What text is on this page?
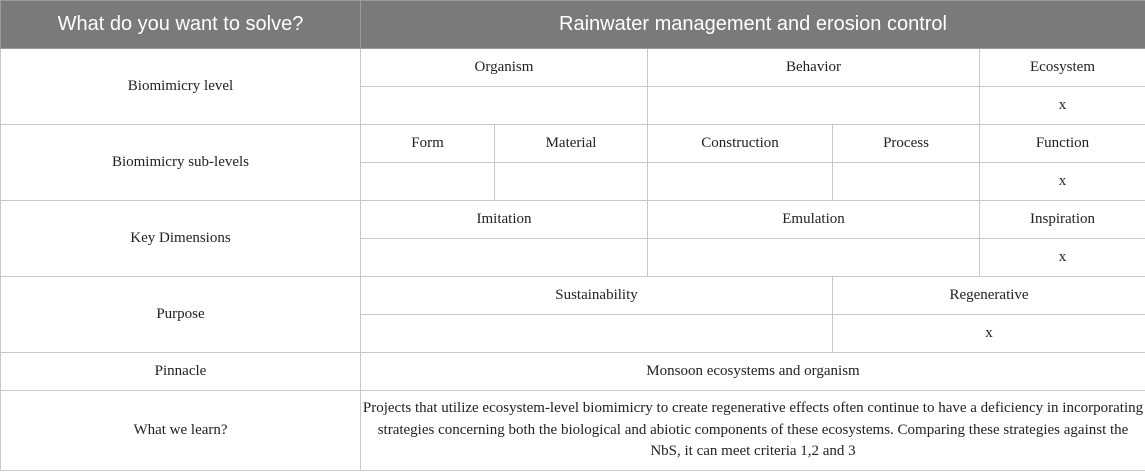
What do you want to solve?	Rainwater management and erosion control				
Biomimicry level	Organism		Behavior		Ecosystem
					x
Biomimicry sub-levels	Form	Material	Construction	Process	Function
					x
Key Dimensions	Imitation		Emulation		Inspiration
					x
Purpose	Sustainability			Regenerative	
				x	
Pinnacle	Monsoon ecosystems and organism				
What we learn?	Projects that utilize ecosystem-level biomimicry to create regenerative effects often continue to have a deficiency in incorporating strategies concerning both the biological and abiotic components of these ecosystems. Comparing these strategies against the NbS, it can meet criteria 1,2 and 3				
